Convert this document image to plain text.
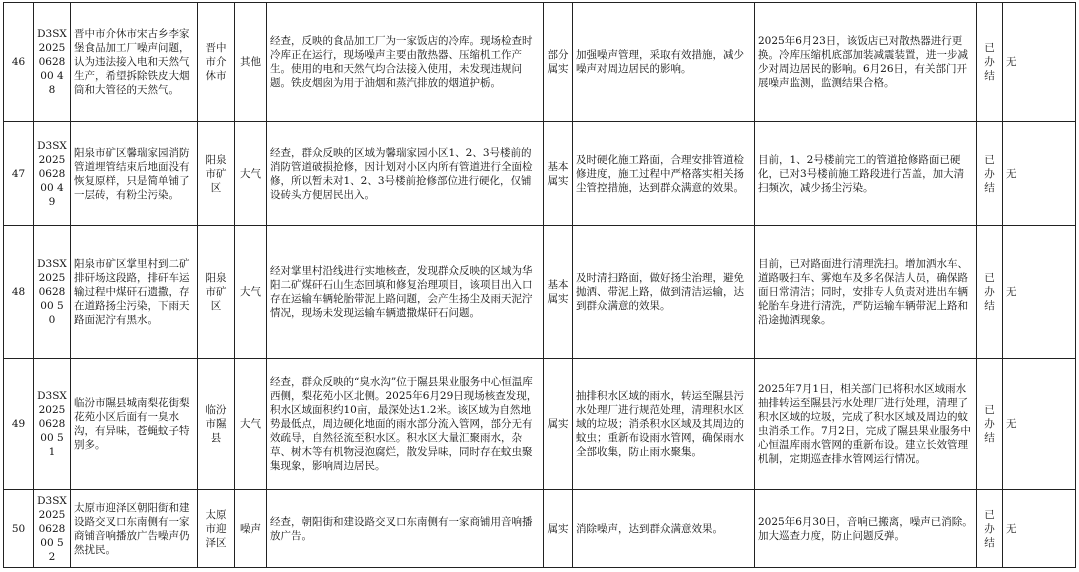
46	D3SX2025062800 48	晋中市介休市宋古乡李家堡食品加工厂噪声问题，认为违法接入电和天然气生产，希望拆除铁皮大烟筒和大管径的天然气。	晋中市介休市	其他	经查，反映的食品加工厂为一家饭店的冷库。现场检查时冷库正在运行，现场噪声主要由散热器、压缩机工作产生。使用的电和天然气均合法接入使用，未发现违规问题。铁皮烟囱为用于油烟和蒸汽排放的烟道护栃。	部分属实	加强噪声管理，采取有效措施，减少噪声对周边居民的影响。	2025年6月23日，该饭店已对散热器进行更换。冷库压缩机底部加装减震装置，进一步减少对周边居民的影响。6月26日，有关部门开展噪声监测，监测结果合格。	已办结	无
47	D3SX2025062800 49	阳泉市矿区馨瑞家园消防管道埋管结束后地面没有恢复原样，只是简单铺了一层砖，有粉尘污染。	阳泉市矿区	大气	经查，群众反映的区域为馨瑞家园小区1、2、3号楼前的消防管道破损抢修，因计划对小区内所有管道进行全面检修，所以暂未对1、2、3号楼前抢修部位进行硬化，仅铺设砖头方便居民出入。	基本属实	及时硬化施工路面，合理安排管道检修进度，施工过程中严格落实相关扬尘管控措施，达到群众满意的效果。	目前，1、2号楼前完工的管道抢修路面已硬化，已对3号楼前施工路段进行苫盖，加大清扫频次，减少扬尘污染。	已办结	无
48	D3SX2025062800 50	阳泉市矿区掌里村到二矿排矸场这段路，排矸车运输过程中煤矸石遗撒，存在道路扬尘污染，下雨天路面泥泞有黑水。	阳泉市矿区	大气	经对掌里村沿线进行实地核查，发现群众反映的区域为华阳二矿煤矸石山生态回填和修复治理项目，该项目出入口存在运输车辆轮胎带泥上路问题，会产生扬尘及雨天泥泞情况，现场未发现运输车辆遗撒煤矸石问题。	基本属实	及时清扫路面，做好扬尘治理，避免抛洒、带泥上路，做到清洁运输，达到群众满意的效果。	目前，已对路面进行清理洗扫。增加洒水车、道路吸扫车、雾炮车及多名保洁人员，确保路面日常清洁；同时，安排专人负责对进出车辆轮胎车身进行清洗，严防运输车辆带泥上路和沿途抛洒现象。	已办结	无
49	D3SX2025062800 51	临汾市隰县城南梨花街梨花苑小区后面有一臭水沟，有异味，苍蝇蚊子特别多。	临汾市隰县	大气	经查，群众反映的“臭水沟”位于隰县果业服务中心恒温库西侧，梨花苑小区北侧。2025年6月29日现场核查发现，积水区域面积约10亩，最深处达1.2米。该区域为自然地势最低点，周边硬化地面的雨水部分流入管网，部分无有效疏导，自然径流至积水区。积水区大量汇聚雨水，杂草、树木等有机物浸泡腐烂，散发异味，同时存在蚊虫聚集现象，影响周边居民。	属实	抽排积水区域的雨水，转运至隰县污水处理厂进行规范处理，清理积水区域的垃圾；消杀积水区域及其周边的蚊虫；重新布设雨水管网，确保雨水全部收集，防止雨水聚集。	2025年7月1日，相关部门已将积水区域雨水抽排转运至隰县污水处理厂进行处理，清理了积水区域的垃圾，完成了积水区域及周边的蚊虫消杀工作。7月2日，完成了隰县果业服务中心恒温库雨水管网的重新布设。建立长效管理机制，定期巡查排水管网运行情况。	已办结	无
50	D3SX2025062800 52	太原市迎泽区朝阳街和建设路交叉口东南侧有一家商铺音响播放广告噪声仍然扰民。	太原市迎泽区	噪声	经查，朝阳街和建设路交叉口东南侧有一家商铺用音响播放广告。	属实	消除噪声，达到群众满意效果。	2025年6月30日，音响已搬离，噪声已消除。加大巡查力度，防止问题反弹。	已办结	无
